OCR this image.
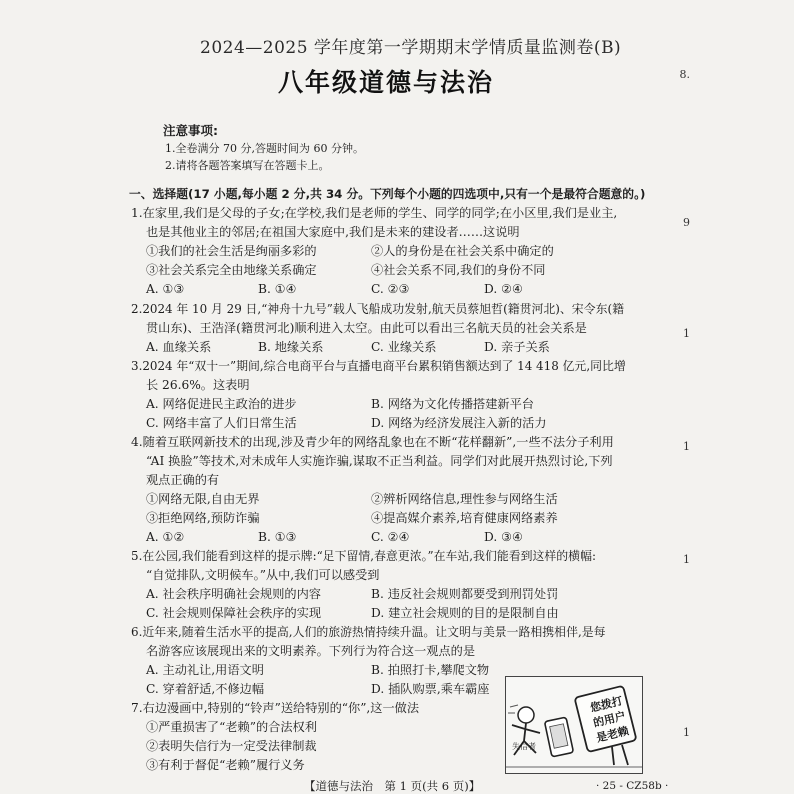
2024—2025 学年度第一学期期末学情质量监测卷(B)
八年级道德与法治
注意事项:
1.全卷满分 70 分,答题时间为 60 分钟。
2.请将各题答案填写在答题卡上。
一、选择题(17 小题,每小题 2 分,共 34 分。下列每个小题的四选项中,只有一个是最符合题意的。)
1.在家里,我们是父母的子女;在学校,我们是老师的学生、同学的同学;在小区里,我们是业主,
也是其他业主的邻居;在祖国大家庭中,我们是未来的建设者……这说明
①我们的社会生活是绚丽多彩的	②人的身份是在社会关系中确定的
③社会关系完全由地缘关系确定	④社会关系不同,我们的身份不同
A. ①③	B. ①④	C. ②③	D. ②④
2.2024 年 10 月 29 日,“神舟十九号”载人飞船成功发射,航天员蔡旭哲(籍贯河北)、宋令东(籍
贯山东)、王浩泽(籍贯河北)顺利进入太空。由此可以看出三名航天员的社会关系是
A. 血缘关系	B. 地缘关系	C. 业缘关系	D. 亲子关系
3.2024 年“双十一”期间,综合电商平台与直播电商平台累积销售额达到了 14 418 亿元,同比增
长 26.6%。这表明
A. 网络促进民主政治的进步	B. 网络为文化传播搭建新平台
C. 网络丰富了人们日常生活	D. 网络为经济发展注入新的活力
4.随着互联网新技术的出现,涉及青少年的网络乱象也在不断“花样翻新”,一些不法分子利用
“AI 换脸”等技术,对未成年人实施诈骗,谋取不正当利益。同学们对此展开热烈讨论,下列
观点正确的有
①网络无限,自由无界	②辨析网络信息,理性参与网络生活
③拒绝网络,预防诈骗	④提高媒介素养,培育健康网络素养
A. ①②	B. ①③	C. ②④	D. ③④
5.在公园,我们能看到这样的提示牌:“足下留情,春意更浓。”在车站,我们能看到这样的横幅:
“自觉排队,文明候车。”从中,我们可以感受到
A. 社会秩序明确社会规则的内容	B. 违反社会规则都要受到刑罚处罚
C. 社会规则保障社会秩序的实现	D. 建立社会规则的目的是限制自由
6.近年来,随着生活水平的提高,人们的旅游热情持续升温。让文明与美景一路相携相伴,是每
名游客应该展现出来的文明素养。下列行为符合这一观点的是
A. 主动礼让,用语文明	B. 拍照打卡,攀爬文物
C. 穿着舒适,不修边幅	D. 插队购票,乘车霸座
7.右边漫画中,特别的“铃声”送给特别的“你”,这一做法
①严重损害了“老赖”的合法权利
②表明失信行为一定受法律制裁
③有利于督促“老赖”履行义务
您拨打
的用户
是老赖
失信者
【道德与法治　第 1 页(共 6 页)】	· 25 - CZ58b ·
8.
9
1
1
1
1
